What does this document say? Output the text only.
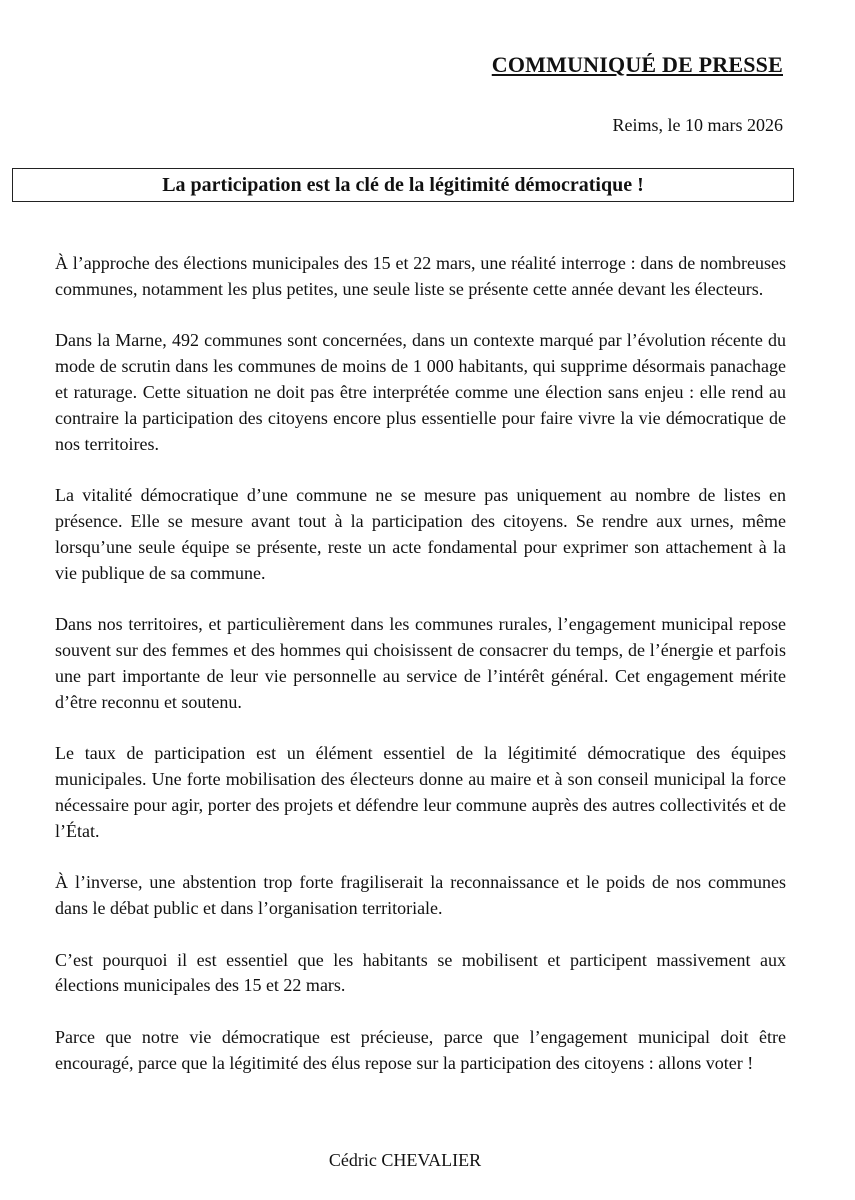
COMMUNIQUÉ DE PRESSE
Reims, le 10 mars 2026
La participation est la clé de la légitimité démocratique !

À l’approche des élections municipales des 15 et 22 mars, une réalité interroge : dans de nombreuses communes, notamment les plus petites, une seule liste se présente cette année devant les électeurs.

Dans la Marne, 492 communes sont concernées, dans un contexte marqué par l’évolution récente du mode de scrutin dans les communes de moins de 1 000 habitants, qui supprime désormais panachage et raturage. Cette situation ne doit pas être interprétée comme une élection sans enjeu : elle rend au contraire la participation des citoyens encore plus essentielle pour faire vivre la vie démocratique de nos territoires.

La vitalité démocratique d’une commune ne se mesure pas uniquement au nombre de listes en présence. Elle se mesure avant tout à la participation des citoyens. Se rendre aux urnes, même lorsqu’une seule équipe se présente, reste un acte fondamental pour exprimer son attachement à la vie publique de sa commune.

Dans nos territoires, et particulièrement dans les communes rurales, l’engagement municipal repose souvent sur des femmes et des hommes qui choisissent de consacrer du temps, de l’énergie et parfois une part importante de leur vie personnelle au service de l’intérêt général. Cet engagement mérite d’être reconnu et soutenu.

Le taux de participation est un élément essentiel de la légitimité démocratique des équipes municipales. Une forte mobilisation des électeurs donne au maire et à son conseil municipal la force nécessaire pour agir, porter des projets et défendre leur commune auprès des autres collectivités et de l’État.

À l’inverse, une abstention trop forte fragiliserait la reconnaissance et le poids de nos communes dans le débat public et dans l’organisation territoriale.

C’est pourquoi il est essentiel que les habitants se mobilisent et participent massivement aux élections municipales des 15 et 22 mars.

Parce que notre vie démocratique est précieuse, parce que l’engagement municipal doit être encouragé, parce que la légitimité des élus repose sur la participation des citoyens : allons voter !

Cédric CHEVALIER
